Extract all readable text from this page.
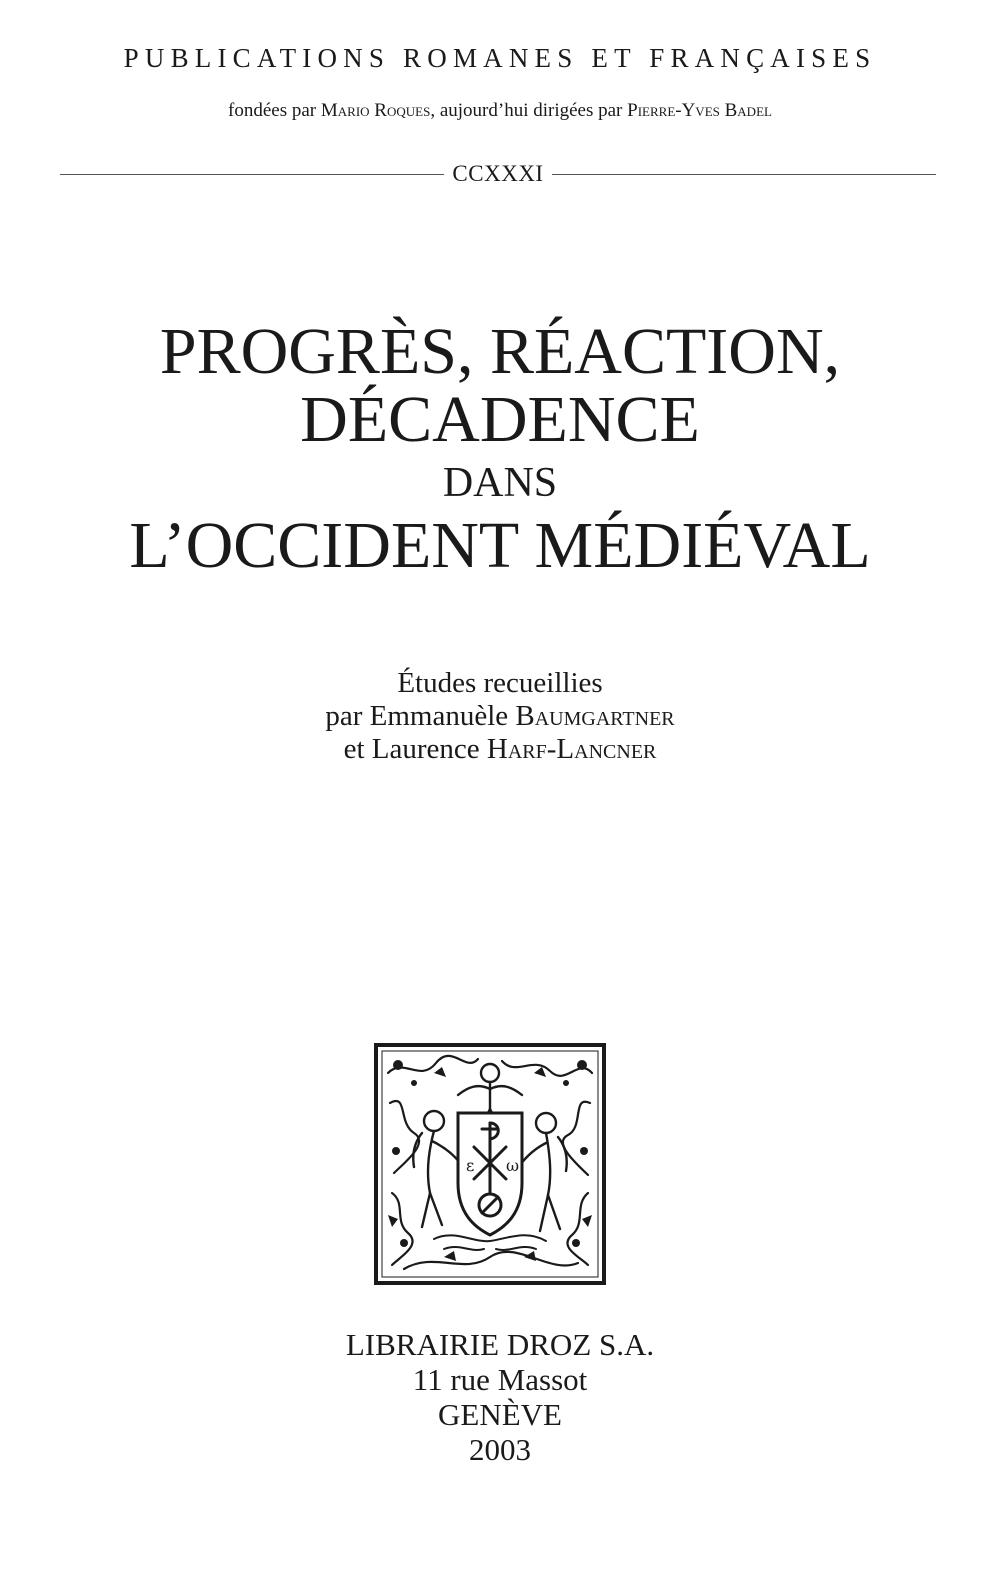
PUBLICATIONS ROMANES ET FRANÇAISES

fondées par Mario Roques, aujourd’hui dirigées par Pierre-Yves Badel

CCXXXI
PROGRÈS, RÉACTION,
DÉCADENCE
DANS
L’OCCIDENT MÉDIÉVAL
Études recueillies
par Emmanuèle Baumgartner
et Laurence Harf-Lancner
ε ω
LIBRAIRIE DROZ S.A.
11 rue Massot
GENÈVE
2003
